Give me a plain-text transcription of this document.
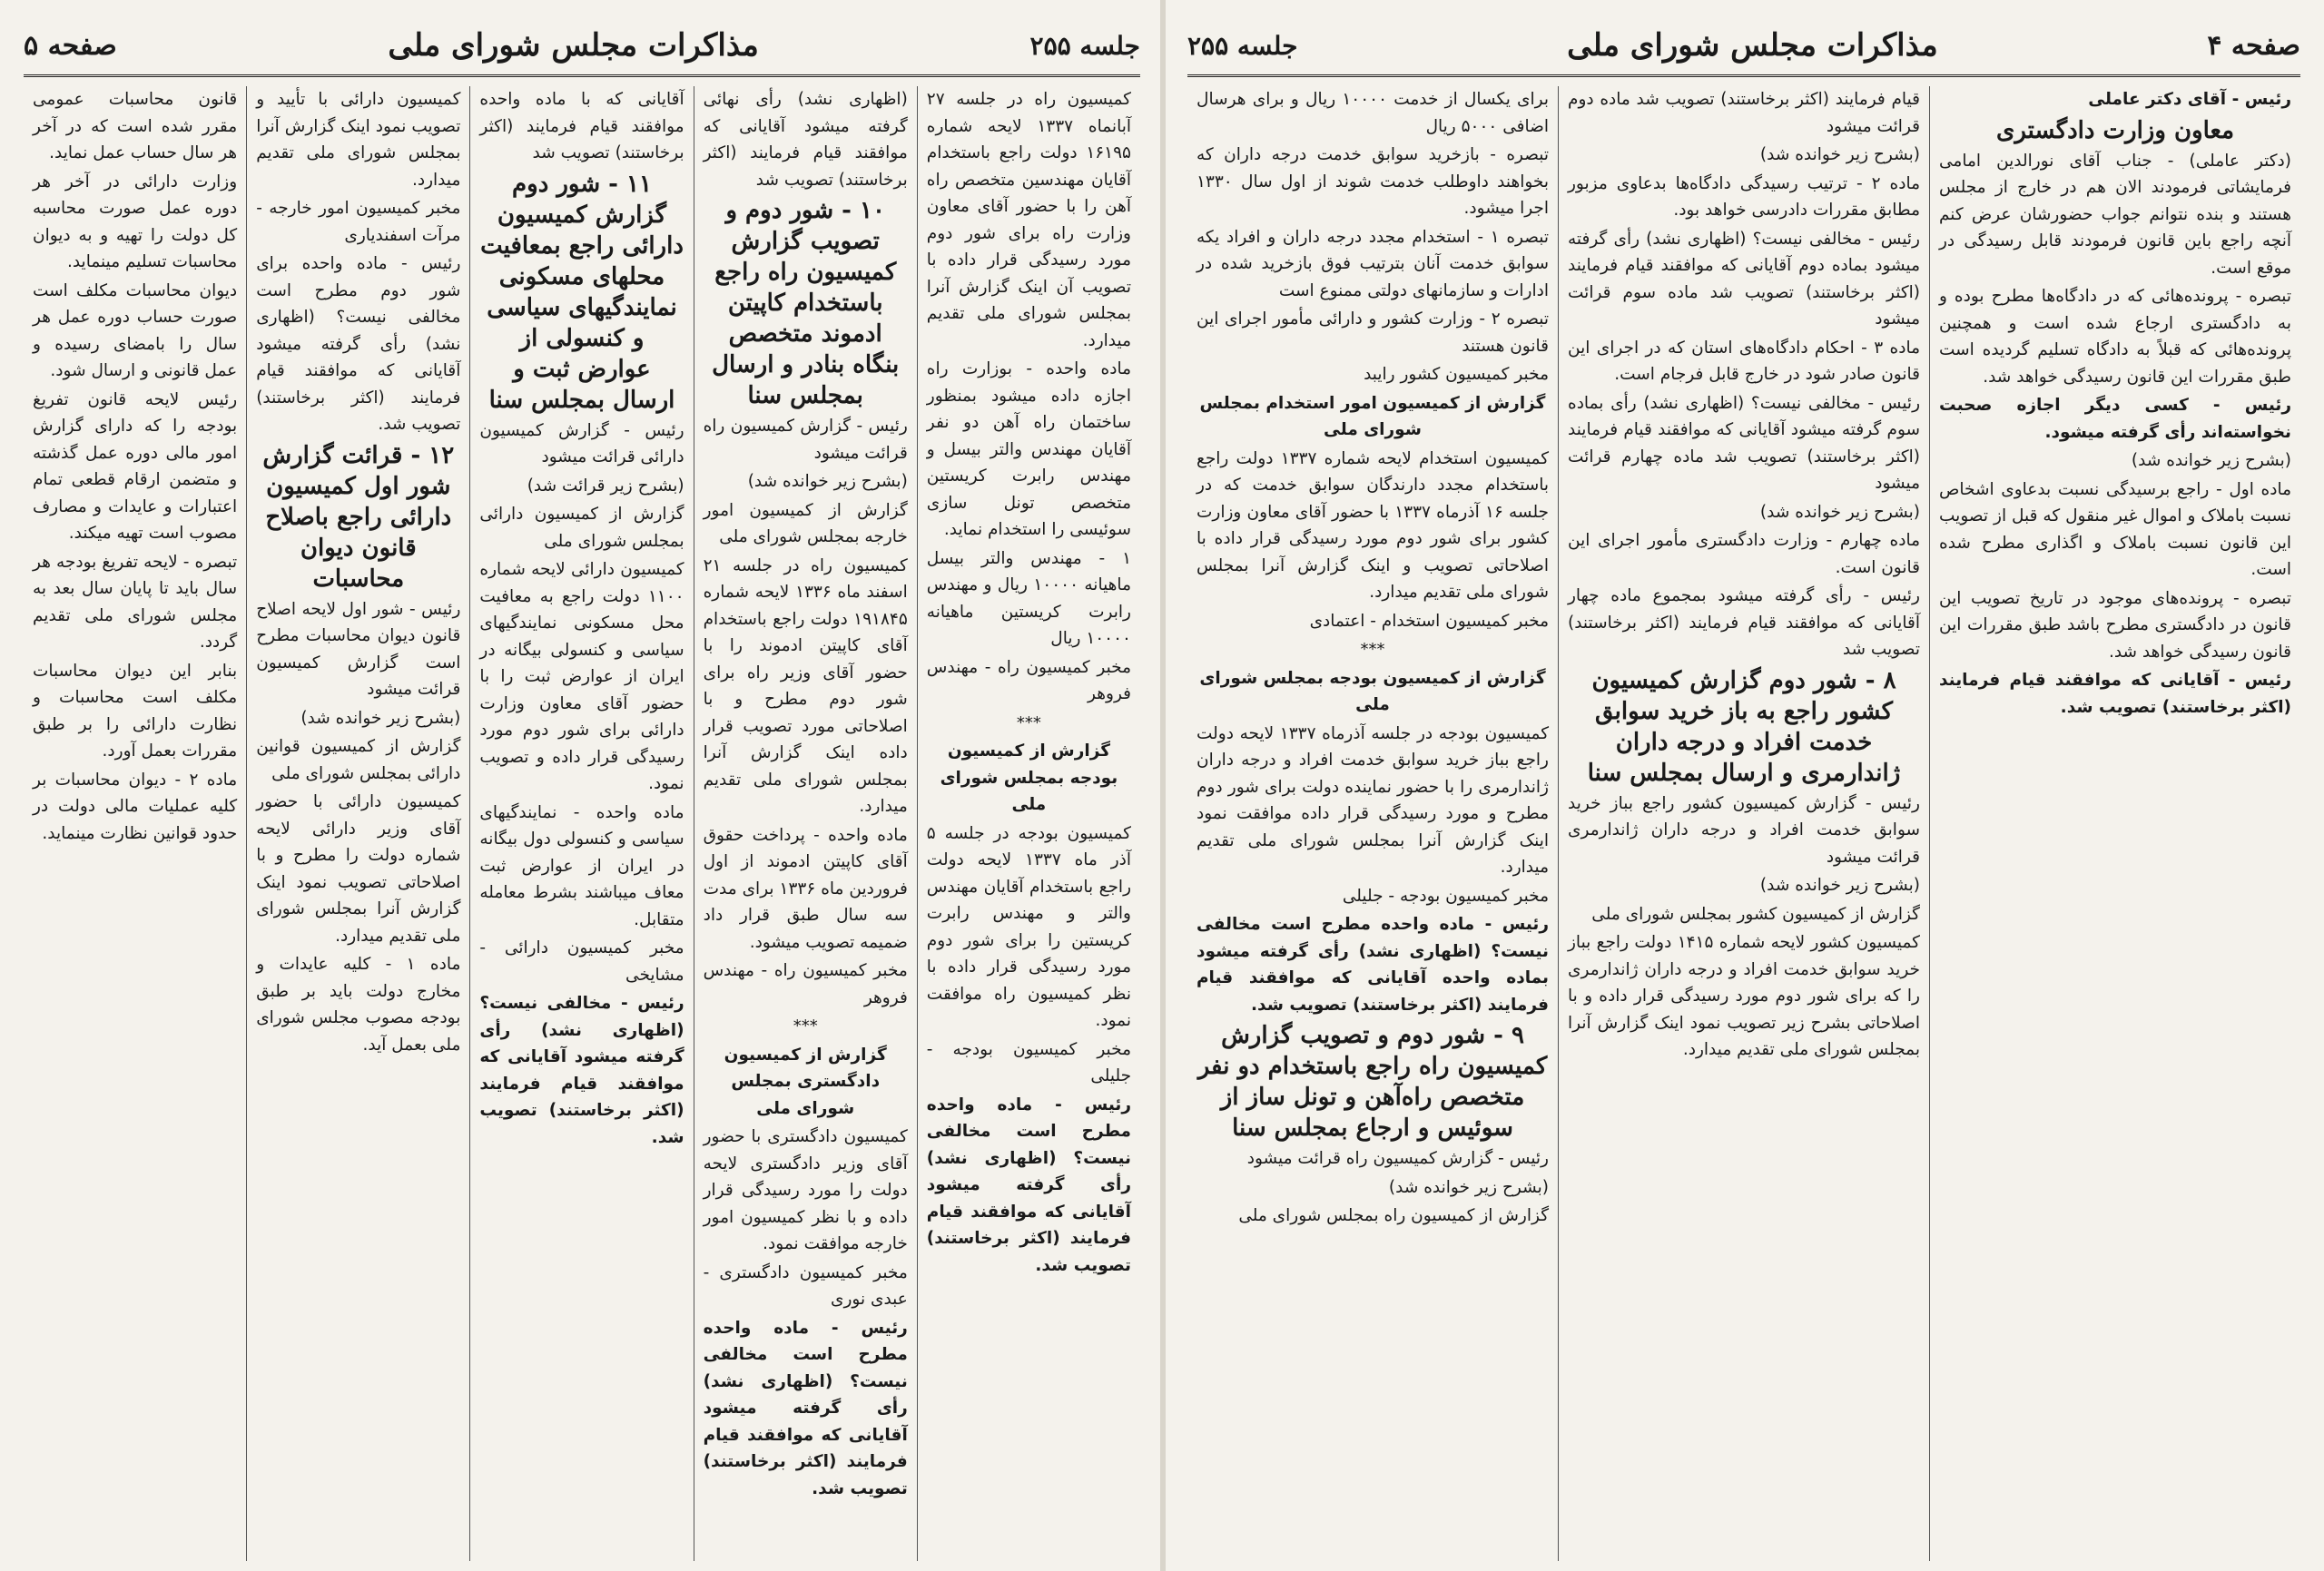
صفحه ۴
مذاکرات مجلس شورای ملی
جلسه ۲۵۵

رئیس - آقای دکتر عاملی

معاون وزارت دادگستری

(دکتر عاملی) - جناب آقای نورالدین امامی فرمایشاتی فرمودند الان هم در خارج از مجلس هستند و بنده نتوانم جواب حضورشان عرض کنم آنچه راجع باین قانون فرمودند قابل رسیدگی در موقع است.

تبصره - پرونده‌هائی که در دادگاه‌ها مطرح بوده و به دادگستری ارجاع شده است و همچنین پرونده‌هائی که قبلاً به دادگاه تسلیم گردیده است طبق مقررات این قانون رسیدگی خواهد شد.

رئیس - کسی دیگر اجازه صحبت نخواسته‌اند رأی گرفته میشود.

(بشرح زیر خوانده شد)

ماده اول - راجع برسیدگی نسبت بدعاوی اشخاص نسبت باملاک و اموال غیر منقول که قبل از تصویب این قانون نسبت باملاک و اگذاری مطرح شده است.

تبصره - پرونده‌های موجود در تاریخ تصویب این قانون در دادگستری مطرح باشد طبق مقررات این قانون رسیدگی خواهد شد.

رئیس - آقایانی که موافقند قیام فرمایند (اکثر برخاستند) تصویب شد.

قیام فرمایند (اکثر برخاستند) تصویب شد ماده دوم قرائت میشود

(بشرح زیر خوانده شد)

ماده ۲ - ترتیب رسیدگی دادگاه‌ها بدعاوی مزبور مطابق مقررات دادرسی خواهد بود.

رئیس - مخالفی نیست؟ (اظهاری نشد) رأی گرفته میشود بماده دوم آقایانی که موافقند قیام فرمایند (اکثر برخاستند) تصویب شد ماده سوم قرائت میشود

ماده ۳ - احکام دادگاه‌های استان که در اجرای این قانون صادر شود در خارج قابل فرجام است.

رئیس - مخالفی نیست؟ (اظهاری نشد) رأی بماده سوم گرفته میشود آقایانی که موافقند قیام فرمایند (اکثر برخاستند) تصویب شد ماده چهارم قرائت میشود

(بشرح زیر خوانده شد)

ماده چهارم - وزارت دادگستری مأمور اجرای این قانون است.

رئیس - رأی گرفته میشود بمجموع ماده چهار آقایانی که موافقند قیام فرمایند (اکثر برخاستند) تصویب شد

۸ - شور دوم گزارش کمیسیون کشور راجع به باز خرید سوابق خدمت افراد و درجه داران ژاندارمری و ارسال بمجلس سنا

رئیس - گزارش کمیسیون کشور راجع بباز خرید سوابق خدمت افراد و درجه داران ژاندارمری قرائت میشود

(بشرح زیر خوانده شد)

گزارش از کمیسیون کشور بمجلس شورای ملی

کمیسیون کشور لایحه شماره ۱۴۱۵ دولت راجع بباز خرید سوابق خدمت افراد و درجه داران ژاندارمری را که برای شور دوم مورد رسیدگی قرار داده و با اصلاحاتی بشرح زیر تصویب نمود اینک گزارش آنرا بمجلس شورای ملی تقدیم میدارد.

برای یکسال از خدمت ۱۰۰۰۰ ریال و برای هرسال اضافی ۵۰۰۰ ریال

تبصره - بازخرید سوابق خدمت درجه داران که بخواهند داوطلب خدمت شوند از اول سال ۱۳۳۰ اجرا میشود.

تبصره ۱ - استخدام مجدد درجه داران و افراد یکه سوابق خدمت آنان بترتیب فوق بازخرید شده در ادارات و سازمانهای دولتی ممنوع است

تبصره ۲ - وزارت کشور و دارائی مأمور اجرای این قانون هستند

مخبر کمیسیون کشور رایبد

گزارش از کمیسیون امور استخدام بمجلس شورای ملی

کمیسیون استخدام لایحه شماره ۱۳۳۷ دولت راجع باستخدام مجدد دارندگان سوابق خدمت که در جلسه ۱۶ آذرماه ۱۳۳۷ با حضور آقای معاون وزارت کشور برای شور دوم مورد رسیدگی قرار داده با اصلاحاتی تصویب و اینک گزارش آنرا بمجلس شورای ملی تقدیم میدارد.

مخبر کمیسیون استخدام - اعتمادی

***

گزارش از کمیسیون بودجه بمجلس شورای ملی

کمیسیون بودجه در جلسه آذرماه ۱۳۳۷ لایحه دولت راجع بباز خرید سوابق خدمت افراد و درجه داران ژاندارمری را با حضور نماینده دولت برای شور دوم مطرح و مورد رسیدگی قرار داده موافقت نمود اینک گزارش آنرا بمجلس شورای ملی تقدیم میدارد.

مخبر کمیسیون بودجه - جلیلی

رئیس - ماده واحده مطرح است مخالفی نیست؟ (اظهاری نشد) رأی گرفته میشود بماده واحده آقایانی که موافقند قیام فرمایند (اکثر برخاستند) تصویب شد.

۹ - شور دوم و تصویب گزارش کمیسیون راه راجع باستخدام دو نفر متخصص راه‌آهن و تونل ساز از سوئیس و ارجاع بمجلس سنا

رئیس - گزارش کمیسیون راه قرائت میشود

(بشرح زیر خوانده شد)

گزارش از کمیسیون راه بمجلس شورای ملی

جلسه ۲۵۵
مذاکرات مجلس شورای ملی
صفحه ۵

کمیسیون راه در جلسه ۲۷ آبانماه ۱۳۳۷ لایحه شماره ۱۶۱۹۵ دولت راجع باستخدام آقایان مهندسین متخصص راه آهن را با حضور آقای معاون وزارت راه برای شور دوم مورد رسیدگی قرار داده با تصویب آن اینک گزارش آنرا بمجلس شورای ملی تقدیم میدارد.

ماده واحده - بوزارت راه اجازه داده میشود بمنظور ساختمان راه آهن دو نفر آقایان مهندس والتر بیسل و مهندس رابرت کریستین متخصص تونل سازی سوئیسی را استخدام نماید.

۱ - مهندس والتر بیسل ماهیانه ۱۰۰۰۰ ریال و مهندس رابرت کریستین ماهیانه ۱۰۰۰۰ ریال

مخبر کمیسیون راه - مهندس فروهر

***

گزارش از کمیسیون بودجه بمجلس شورای ملی

کمیسیون بودجه در جلسه ۵ آذر ماه ۱۳۳۷ لایحه دولت راجع باستخدام آقایان مهندس والتر و مهندس رابرت کریستین را برای شور دوم مورد رسیدگی قرار داده با نظر کمیسیون راه موافقت نمود.

مخبر کمیسیون بودجه - جلیلی

رئیس - ماده واحده مطرح است مخالفی نیست؟ (اظهاری نشد) رأی گرفته میشود آقایانی که موافقند قیام فرمایند (اکثر برخاستند) تصویب شد.

(اظهاری نشد) رأی نهائی گرفته میشود آقایانی که موافقند قیام فرمایند (اکثر برخاستند) تصویب شد

۱۰ - شور دوم و تصویب گزارش کمیسیون راه راجع باستخدام کاپیتن ادموند متخصص بنگاه بنادر و ارسال بمجلس سنا

رئیس - گزارش کمیسیون راه قرائت میشود

(بشرح زیر خوانده شد)

گزارش از کمیسیون امور خارجه بمجلس شورای ملی

کمیسیون راه در جلسه ۲۱ اسفند ماه ۱۳۳۶ لایحه شماره ۱۹۱۸۴۵ دولت راجع باستخدام آقای کاپیتن ادموند را با حضور آقای وزیر راه برای شور دوم مطرح و با اصلاحاتی مورد تصویب قرار داده اینک گزارش آنرا بمجلس شورای ملی تقدیم میدارد.

ماده واحده - پرداخت حقوق آقای کاپیتن ادموند از اول فروردین ماه ۱۳۳۶ برای مدت سه سال طبق قرار داد ضمیمه تصویب میشود.

مخبر کمیسیون راه - مهندس فروهر

***

گزارش از کمیسیون دادگستری بمجلس شورای ملی

کمیسیون دادگستری با حضور آقای وزیر دادگستری لایحه دولت را مورد رسیدگی قرار داده و با نظر کمیسیون امور خارجه موافقت نمود.

مخبر کمیسیون دادگستری - عبدی نوری

رئیس - ماده واحده مطرح است مخالفی نیست؟ (اظهاری نشد) رأی گرفته میشود آقایانی که موافقند قیام فرمایند (اکثر برخاستند) تصویب شد.

آقایانی که با ماده واحده موافقند قیام فرمایند (اکثر برخاستند) تصویب شد

۱۱ - شور دوم گزارش کمیسیون دارائی راجع بمعافیت محلهای مسکونی نمایندگیهای سیاسی و کنسولی از عوارض ثبت و ارسال بمجلس سنا

رئیس - گزارش کمیسیون دارائی قرائت میشود

(بشرح زیر قرائت شد)

گزارش از کمیسیون دارائی بمجلس شورای ملی

کمیسیون دارائی لایحه شماره ۱۱۰۰ دولت راجع به معافیت محل مسکونی نمایندگیهای سیاسی و کنسولی بیگانه در ایران از عوارض ثبت را با حضور آقای معاون وزارت دارائی برای شور دوم مورد رسیدگی قرار داده و تصویب نمود.

ماده واحده - نمایندگیهای سیاسی و کنسولی دول بیگانه در ایران از عوارض ثبت معاف میباشند بشرط معامله متقابل.

مخبر کمیسیون دارائی - مشایخی

رئیس - مخالفی نیست؟ (اظهاری نشد) رأی گرفته میشود آقایانی که موافقند قیام فرمایند (اکثر برخاستند) تصویب شد.

کمیسیون دارائی با تأیید و تصویب نمود اینک گزارش آنرا بمجلس شورای ملی تقدیم میدارد.

مخبر کمیسیون امور خارجه - مرآت اسفندیاری

رئیس - ماده واحده برای شور دوم مطرح است مخالفی نیست؟ (اظهاری نشد) رأی گرفته میشود آقایانی که موافقند قیام فرمایند (اکثر برخاستند) تصویب شد.

۱۲ - قرائت گزارش شور اول کمیسیون دارائی راجع باصلاح قانون دیوان محاسبات

رئیس - شور اول لایحه اصلاح قانون دیوان محاسبات مطرح است گزارش کمیسیون قرائت میشود

(بشرح زیر خوانده شد)

گزارش از کمیسیون قوانین دارائی بمجلس شورای ملی

کمیسیون دارائی با حضور آقای وزیر دارائی لایحه شماره دولت را مطرح و با اصلاحاتی تصویب نمود اینک گزارش آنرا بمجلس شورای ملی تقدیم میدارد.

ماده ۱ - کلیه عایدات و مخارج دولت باید بر طبق بودجه مصوب مجلس شورای ملی بعمل آید.

قانون محاسبات عمومی مقرر شده است که در آخر هر سال حساب عمل نماید.

وزارت دارائی در آخر هر دوره عمل صورت محاسبه کل دولت را تهیه و به دیوان محاسبات تسلیم مینماید.

دیوان محاسبات مکلف است صورت حساب دوره عمل هر سال را بامضای رسیده و عمل قانونی و ارسال شود.

رئیس لایحه قانون تفریغ بودجه را که دارای گزارش امور مالی دوره عمل گذشته و متضمن ارقام قطعی تمام اعتبارات و عایدات و مصارف مصوب است تهیه میکند.

تبصره - لایحه تفریغ بودجه هر سال باید تا پایان سال بعد به مجلس شورای ملی تقدیم گردد.

بنابر این دیوان محاسبات مکلف است محاسبات و نظارت دارائی را بر طبق مقررات بعمل آورد.

ماده ۲ - دیوان محاسبات بر کلیه عملیات مالی دولت در حدود قوانین نظارت مینماید.
